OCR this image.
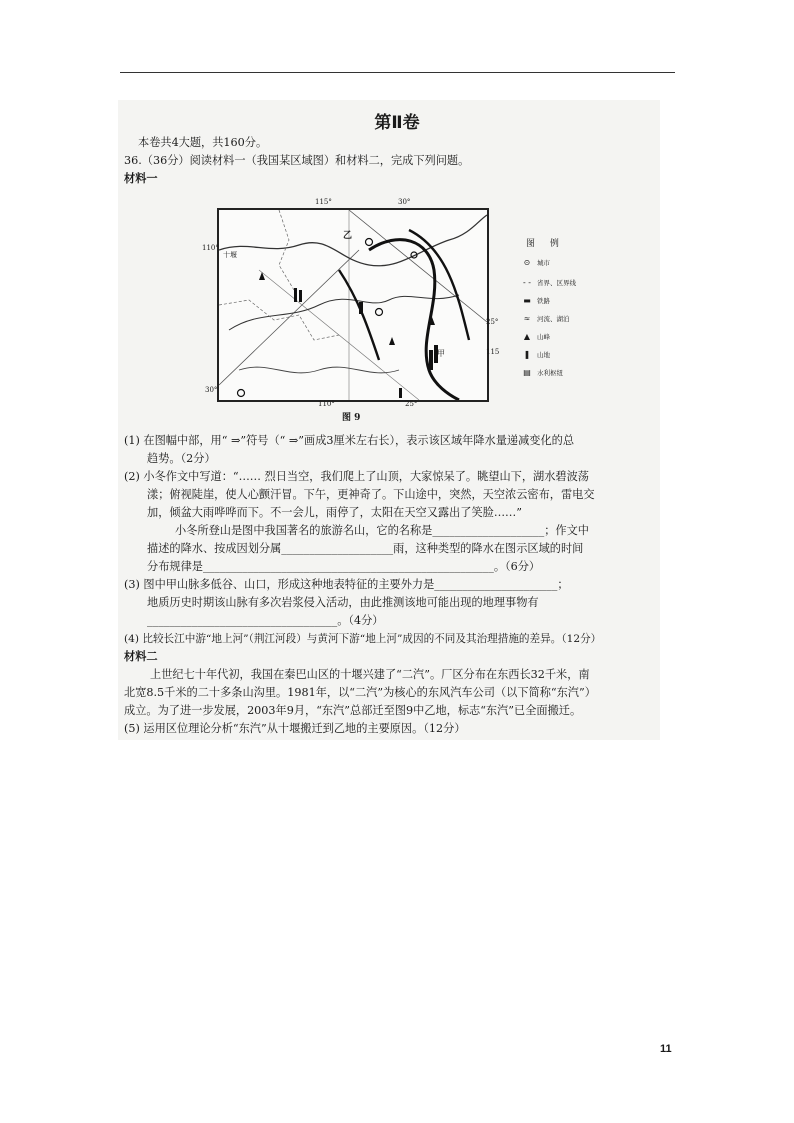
第Ⅱ卷
本卷共4大题，共160分。
36.（36分）阅读材料一（我国某区域图）和材料二，完成下列问题。
材料一
十堰
乙
甲
115°	30°
110°	25°
110°
25°
115
30°
图 例
⊙ 城市
- - 省界、区界线
▬ 铁路
≈ 河流、湖泊
▲ 山峰
❚ 山地
▤ 水利枢纽
图 9
(1) 在图幅中部，用“ ⇒”符号（“ ⇒”画成3厘米左右长），表示该区域年降水量递减变化的总
趋势。（2分）
(2) 小冬作文中写道：“…… 烈日当空，我们爬上了山顶，大家惊呆了。眺望山下，湖水碧波荡
漾；俯视陡崖，使人心颤汗冒。下午，更神奇了。下山途中，突然，天空浓云密布，雷电交
加，倾盆大雨哗哗而下。不一会儿，雨停了，太阳在天空又露出了笑脸……”
小冬所登山是图中我国著名的旅游名山，它的名称是____________________；作文中
描述的降水、按成因划分属____________________雨，这种类型的降水在图示区域的时间
分布规律是____________________________________________________。（6分）
(3) 图中甲山脉多低谷、山口，形成这种地表特征的主要外力是______________________；
地质历史时期该山脉有多次岩浆侵入活动，由此推测该地可能出现的地理事物有
__________________________________。（4分）
(4) 比较长江中游“地上河”（荆江河段）与黄河下游“地上河”成因的不同及其治理措施的差异。（12分）
材料二
上世纪七十年代初，我国在秦巴山区的十堰兴建了“二汽”。厂区分布在东西长32千米，南
北宽8.5千米的二十多条山沟里。1981年，以“二汽”为核心的东风汽车公司（以下简称“东汽”）
成立。为了进一步发展，2003年9月，“东汽”总部迁至图9中乙地，标志“东汽”已全面搬迁。
(5) 运用区位理论分析“东汽”从十堰搬迁到乙地的主要原因。（12分）
11
